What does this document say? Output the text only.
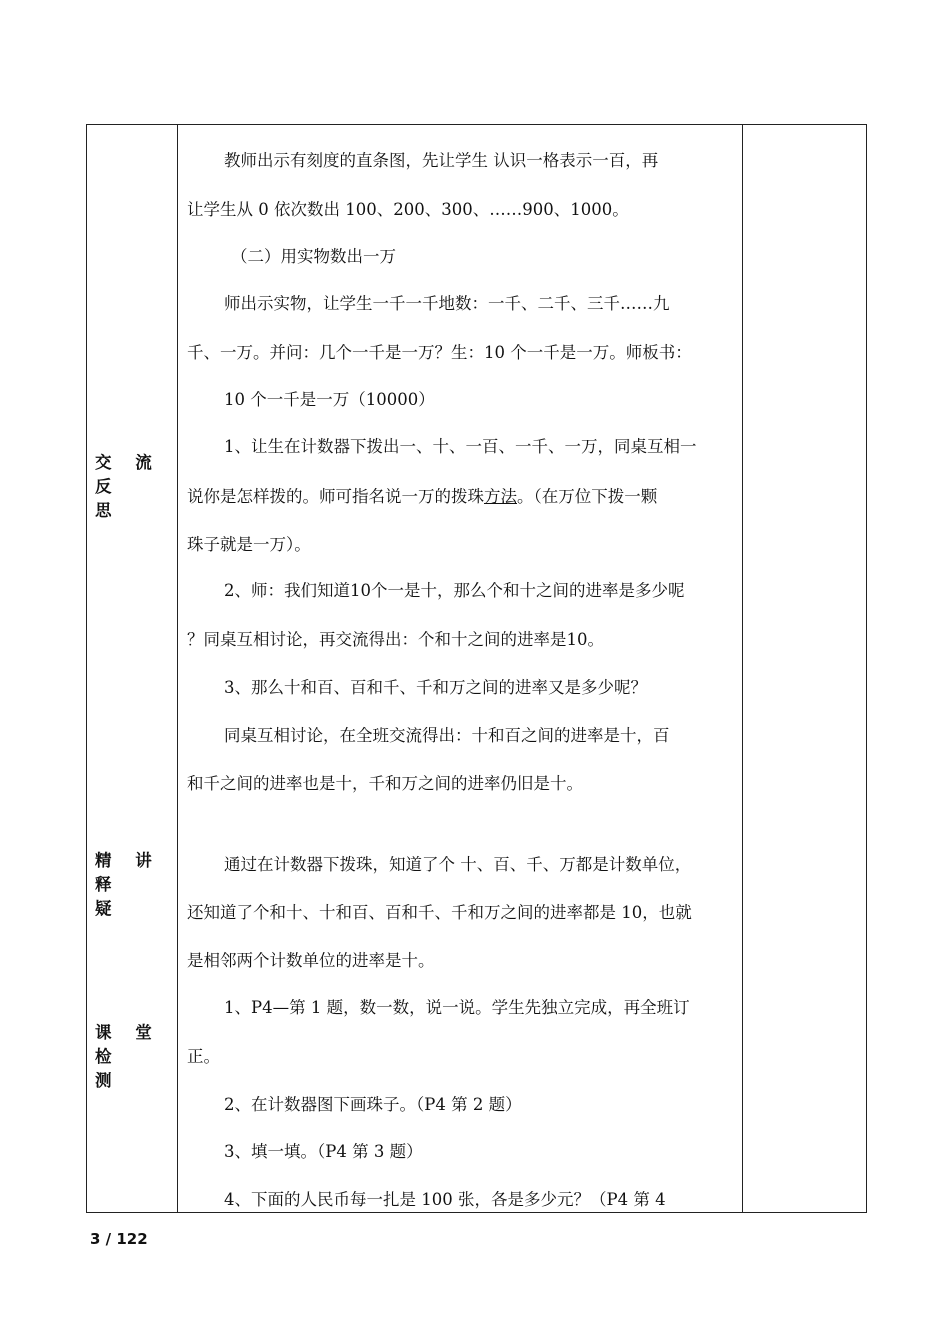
交 流 反
思
精 讲 释
疑
课 堂 检
测
教师出示有刻度的直条图，先让学生 认识一格表示一百，再
让学生从 0 依次数出 100、200、300、……900、1000。
（二）用实物数出一万
师出示实物，让学生一千一千地数：一千、二千、三千……九
千、一万。并问：几个一千是一万？生：10 个一千是一万。师板书：
10 个一千是一万（10000）
1、让生在计数器下拨出一、十、一百、一千、一万，同桌互相一
说你是怎样拨的。师可指名说一万的拨珠方法。（在万位下拨一颗
珠子就是一万）。
2、师：我们知道10个一是十，那么个和十之间的进率是多少呢
？同桌互相讨论，再交流得出：个和十之间的进率是10。
3、那么十和百、百和千、千和万之间的进率又是多少呢？
同桌互相讨论，在全班交流得出：十和百之间的进率是十，百
和千之间的进率也是十，千和万之间的进率仍旧是十。
通过在计数器下拨珠，知道了个 十、百、千、万都是计数单位，
还知道了个和十、十和百、百和千、千和万之间的进率都是 10，也就
是相邻两个计数单位的进率是十。
1、P4—第 1 题，数一数，说一说。学生先独立完成，再全班订
正。
2、在计数器图下画珠子。（P4 第 2 题）
3、填一填。（P4 第 3 题）
4、下面的人民币每一扎是 100 张，各是多少元？（P4 第 4
3 / 122
